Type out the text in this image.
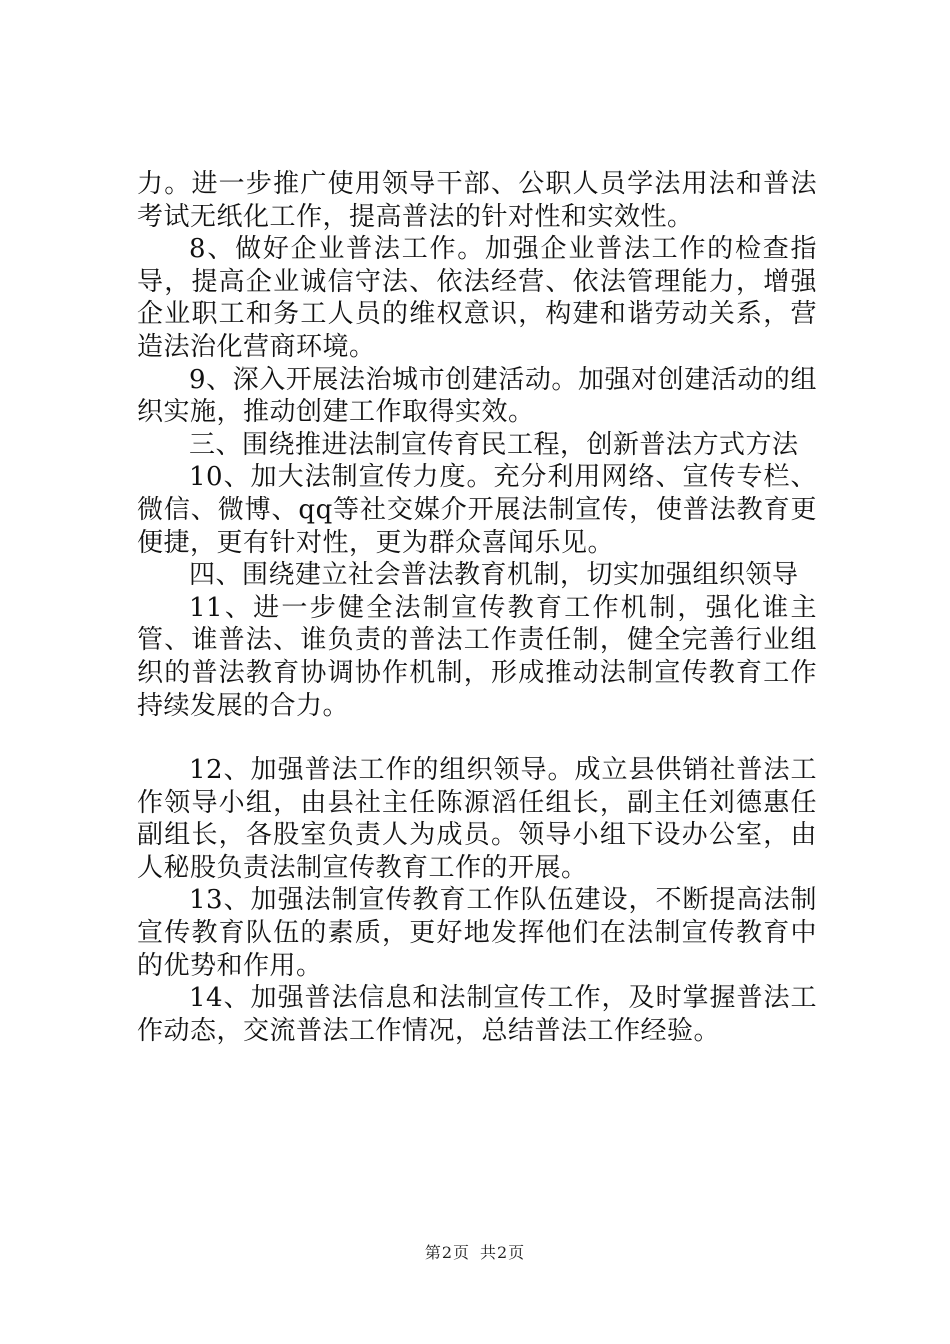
力。进一步推广使用领导干部、公职人员学法用法和普法考试无纸化工作，提高普法的针对性和实效性。

8、做好企业普法工作。加强企业普法工作的检查指导，提高企业诚信守法、依法经营、依法管理能力，增强企业职工和务工人员的维权意识，构建和谐劳动关系，营造法治化营商环境。

9、深入开展法治城市创建活动。加强对创建活动的组织实施，推动创建工作取得实效。

三、围绕推进法制宣传育民工程，创新普法方式方法

10、加大法制宣传力度。充分利用网络、宣传专栏、微信、微博、qq等社交媒介开展法制宣传，使普法教育更便捷，更有针对性，更为群众喜闻乐见。

四、围绕建立社会普法教育机制，切实加强组织领导

11、进一步健全法制宣传教育工作机制，强化谁主管、谁普法、谁负责的普法工作责任制，健全完善行业组织的普法教育协调协作机制，形成推动法制宣传教育工作持续发展的合力。

12、加强普法工作的组织领导。成立县供销社普法工作领导小组，由县社主任陈源滔任组长，副主任刘德惠任副组长，各股室负责人为成员。领导小组下设办公室，由人秘股负责法制宣传教育工作的开展。

13、加强法制宣传教育工作队伍建设，不断提高法制宣传教育队伍的素质，更好地发挥他们在法制宣传教育中的优势和作用。

14、加强普法信息和法制宣传工作，及时掌握普法工作动态，交流普法工作情况，总结普法工作经验。

第2页 共2页
